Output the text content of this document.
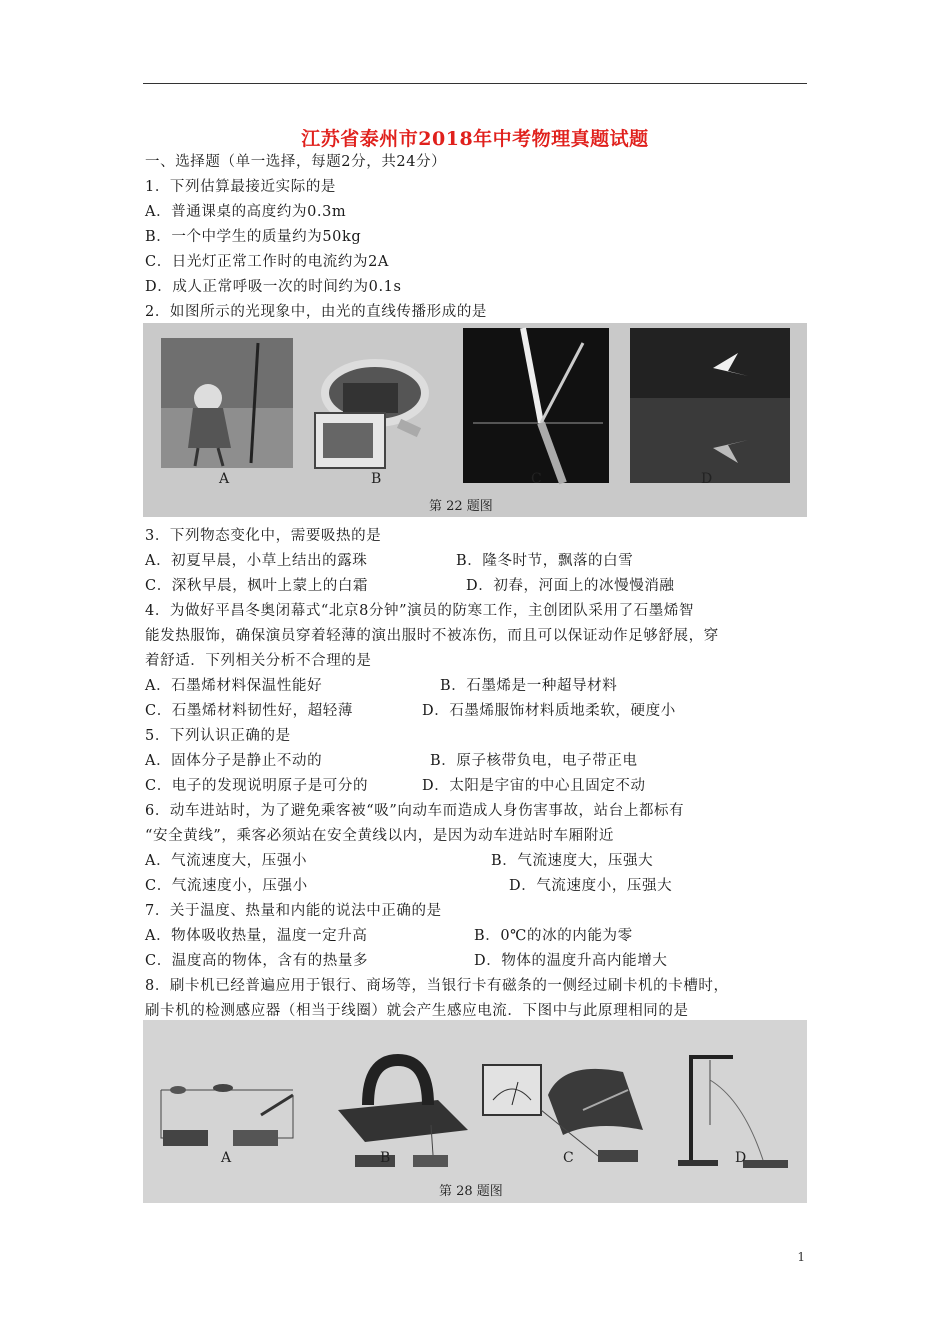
江苏省泰州市2018年中考物理真题试题
一、选择题（单一选择，每题2分，共24分）
1．下列估算最接近实际的是
A．普通课桌的高度约为0.3m
B．一个中学生的质量约为50kg
C．日光灯正常工作时的电流约为2A
D．成人正常呼吸一次的时间约为0.1s
2．如图所示的光现象中，由光的直线传播形成的是
A	B	C	D
第 22 题图
3．下列物态变化中，需要吸热的是
A．初夏早晨，小草上结出的露珠	B．隆冬时节，飘落的白雪
C．深秋早晨，枫叶上蒙上的白霜	D．初春，河面上的冰慢慢消融
4．为做好平昌冬奥闭幕式“北京8分钟”演员的防寒工作，主创团队采用了石墨烯智
能发热服饰，确保演员穿着轻薄的演出服时不被冻伤，而且可以保证动作足够舒展，穿
着舒适．下列相关分析不合理的是
A．石墨烯材料保温性能好	B．石墨烯是一种超导材料
C．石墨烯材料韧性好，超轻薄	D．石墨烯服饰材料质地柔软，硬度小
5．下列认识正确的是
A．固体分子是静止不动的	B．原子核带负电，电子带正电
C．电子的发现说明原子是可分的	D．太阳是宇宙的中心且固定不动
6．动车进站时，为了避免乘客被“吸”向动车而造成人身伤害事故，站台上都标有
“安全黄线”，乘客必须站在安全黄线以内，是因为动车进站时车厢附近
A．气流速度大，压强小	B．气流速度大，压强大
C．气流速度小，压强小	D．气流速度小，压强大
7．关于温度、热量和内能的说法中正确的是
A．物体吸收热量，温度一定升高	B．0℃的冰的内能为零
C．温度高的物体，含有的热量多	D．物体的温度升高内能增大
8．刷卡机已经普遍应用于银行、商场等，当银行卡有磁条的一侧经过刷卡机的卡槽时，
刷卡机的检测感应器（相当于线圈）就会产生感应电流．下图中与此原理相同的是
A	B	C	D
第 28 题图
1
